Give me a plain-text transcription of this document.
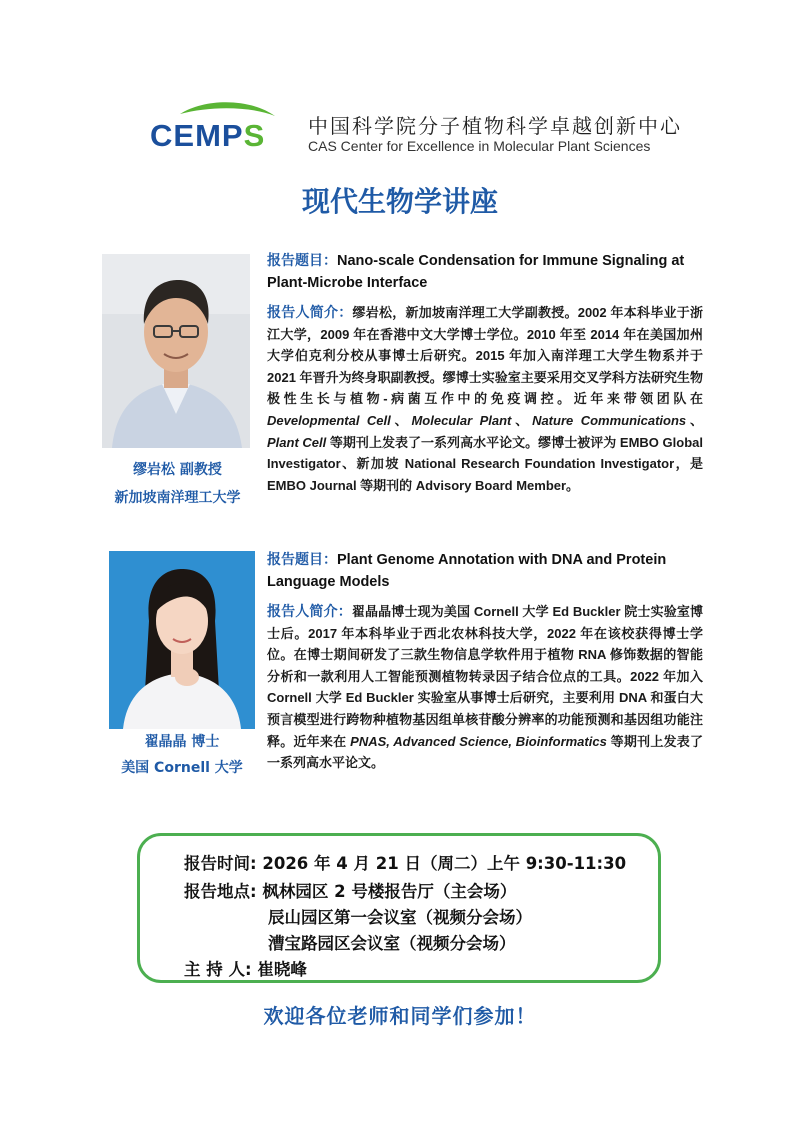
CEMPS 中国科学院分子植物科学卓越创新中心
CAS Center for Excellence in Molecular Plant Sciences
现代生物学讲座
缪岩松 副教授
新加坡南洋理工大学

报告题目：Nano-scale Condensation for Immune Signaling at Plant-Microbe Interface

报告人简介：缪岩松，新加坡南洋理工大学副教授。2002 年本科毕业于浙江大学，2009 年在香港中文大学博士学位。2010 年至 2014 年在美国加州大学伯克利分校从事博士后研究。2015 年加入南洋理工大学生物系并于 2021 年晋升为终身职副教授。缪博士实验室主要采用交叉学科方法研究生物极性生长与植物-病菌互作中的免疫调控。近年来带领团队在 Developmental Cell、Molecular Plant、Nature Communications、Plant Cell 等期刊上发表了一系列高水平论文。缪博士被评为 EMBO Global Investigator、新加坡 National Research Foundation Investigator，是 EMBO Journal 等期刊的 Advisory Board Member。

翟晶晶 博士
美国 Cornell 大学

报告题目：Plant Genome Annotation with DNA and Protein Language Models

报告人简介：翟晶晶博士现为美国 Cornell 大学 Ed Buckler 院士实验室博士后。2017 年本科毕业于西北农林科技大学，2022 年在该校获得博士学位。在博士期间研发了三款生物信息学软件用于植物 RNA 修饰数据的智能分析和一款利用人工智能预测植物转录因子结合位点的工具。2022 年加入 Cornell 大学 Ed Buckler 实验室从事博士后研究，主要利用 DNA 和蛋白大预言模型进行跨物种植物基因组单核苷酸分辨率的功能预测和基因组功能注释。近年来在 PNAS, Advanced Science, Bioinformatics 等期刊上发表了一系列高水平论文。

报告时间: 2026 年 4 月 21 日（周二）上午 9:30-11:30
报告地点: 枫林园区 2 号楼报告厅（主会场）
辰山园区第一会议室（视频分会场）
漕宝路园区会议室（视频分会场）
主 持 人: 崔晓峰
欢迎各位老师和同学们参加！
